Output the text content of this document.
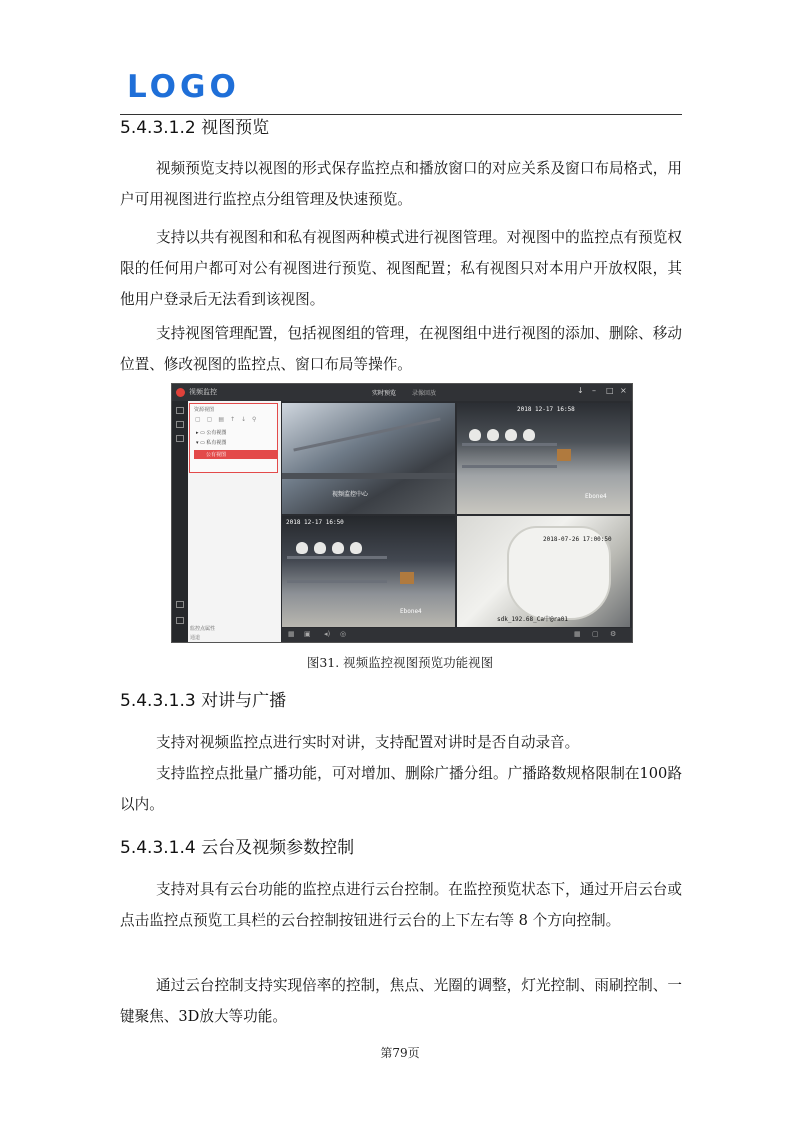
LOGO
5.4.3.1.2 视图预览

视频预览支持以视图的形式保存监控点和播放窗口的对应关系及窗口布局格式，用户可用视图进行监控点分组管理及快速预览。

支持以共有视图和和私有视图两种模式进行视图管理。对视图中的监控点有预览权限的任何用户都可对公有视图进行预览、视图配置；私有视图只对本用户开放权限，其他用户登录后无法看到该视图。

支持视图管理配置，包括视图组的管理，在视图组中进行视图的添加、删除、移动位置、修改视图的监控点、窗口布局等操作。

视频监控	实时预览	录像回放	↓ – □ ×
资源视图
▢▢▤↑↓⚲
▸ ▭ 公有视图
▾ ▭ 私有视图
公有视图
监控点属性
通道
视频监控中心
2018 12-17 16:58
Ebone4
2018 12-17 16:50
Ebone4
2018-07-26 17:00:50
sdk_192.68_Ca中@ra01
▦ ▣ ◂) ◎	▦ ▢ ⚙
图31. 视频监控视图预览功能视图
5.4.3.1.3 对讲与广播

支持对视频监控点进行实时对讲，支持配置对讲时是否自动录音。

支持监控点批量广播功能，可对增加、删除广播分组。广播路数规格限制在100路以内。

5.4.3.1.4 云台及视频参数控制

支持对具有云台功能的监控点进行云台控制。在监控预览状态下，通过开启云台或点击监控点预览工具栏的云台控制按钮进行云台的上下左右等 8 个方向控制。

通过云台控制支持实现倍率的控制，焦点、光圈的调整，灯光控制、雨刷控制、一键聚焦、3D放大等功能。

第79页
